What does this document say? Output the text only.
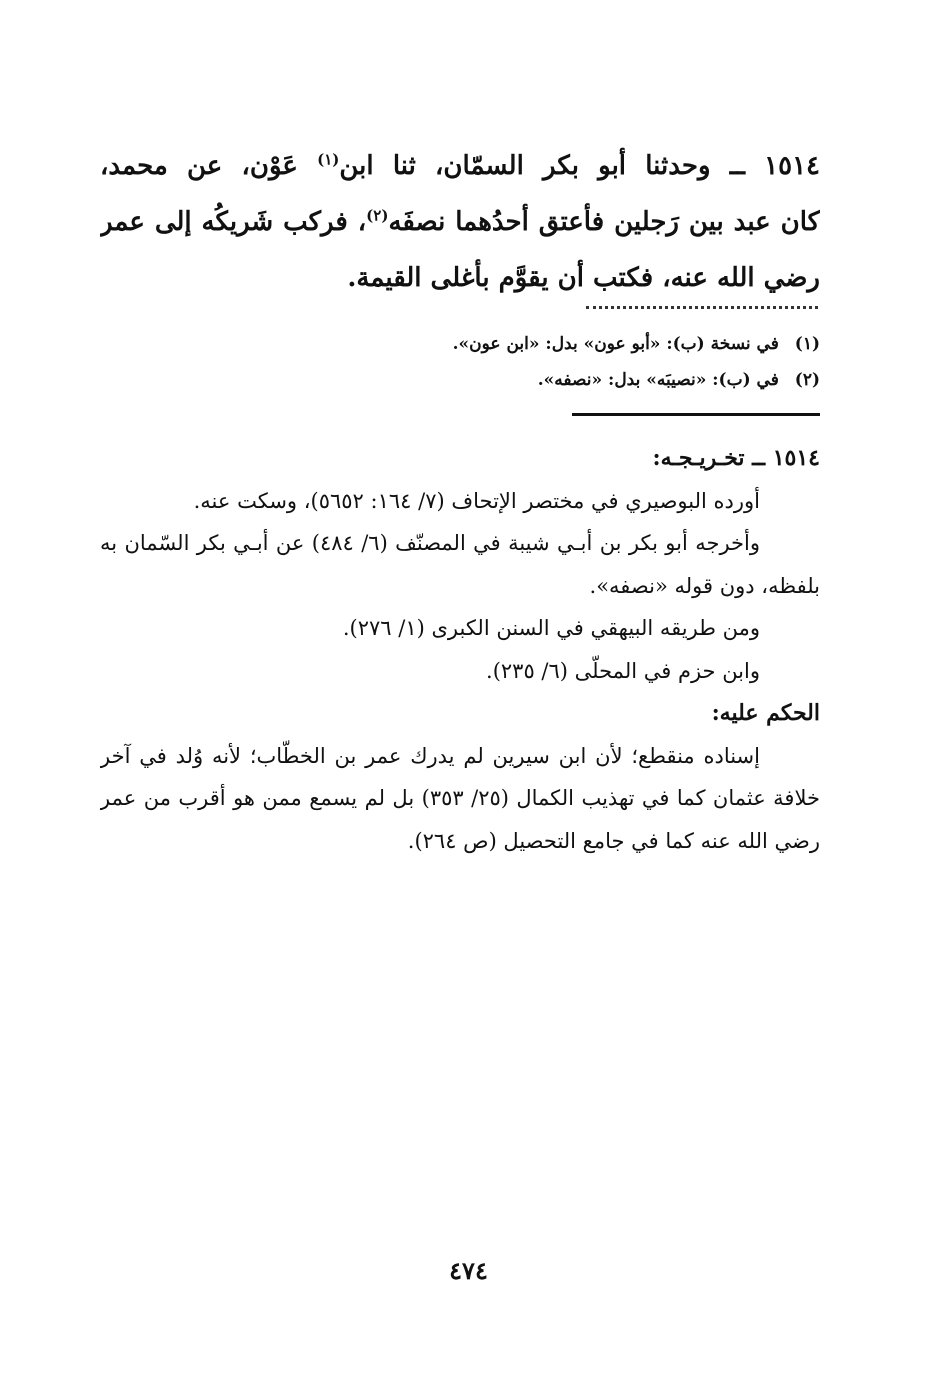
١٥١٤ ــ وحدثنا أبو بكر السمّان، ثنا ابن$^{(١)}$ عَوْن، عن محمد،
كان عبد بين رَجلين فأعتق أحدُهما نصفَه$^{(٢)}$، فركب شَريكُه إلى عمر
رضي الله عنه، فكتب أن يقوَّم بأغلى القيمة.
(١) في نسخة (ب): «أبو عون» بدل: «ابن عون».
(٢) في (ب): «نصيبَه» بدل: «نصفه».
١٥١٤ ــ تخـريـجـه:
أورده البوصيري في مختصر الإتحاف (٧/ ١٦٤: ٥٦٥٢)، وسكت عنه.
وأخرجه أبو بكر بن أبـي شيبة في المصنّف (٦/ ٤٨٤) عن أبـي بكر السّمان به
بلفظه، دون قوله «نصفه».
ومن طريقه البيهقي في السنن الكبرى (١/ ٢٧٦).
وابن حزم في المحلّى (٦/ ٢٣٥).
الحكم عليه:
إسناده منقطع؛ لأن ابن سيرين لم يدرك عمر بن الخطّاب؛ لأنه وُلد في آخر
خلافة عثمان كما في تهذيب الكمال (٢٥/ ٣٥٣) بل لم يسمع ممن هو أقرب من عمر
رضي الله عنه كما في جامع التحصيل (ص ٢٦٤).
٤٧٤
